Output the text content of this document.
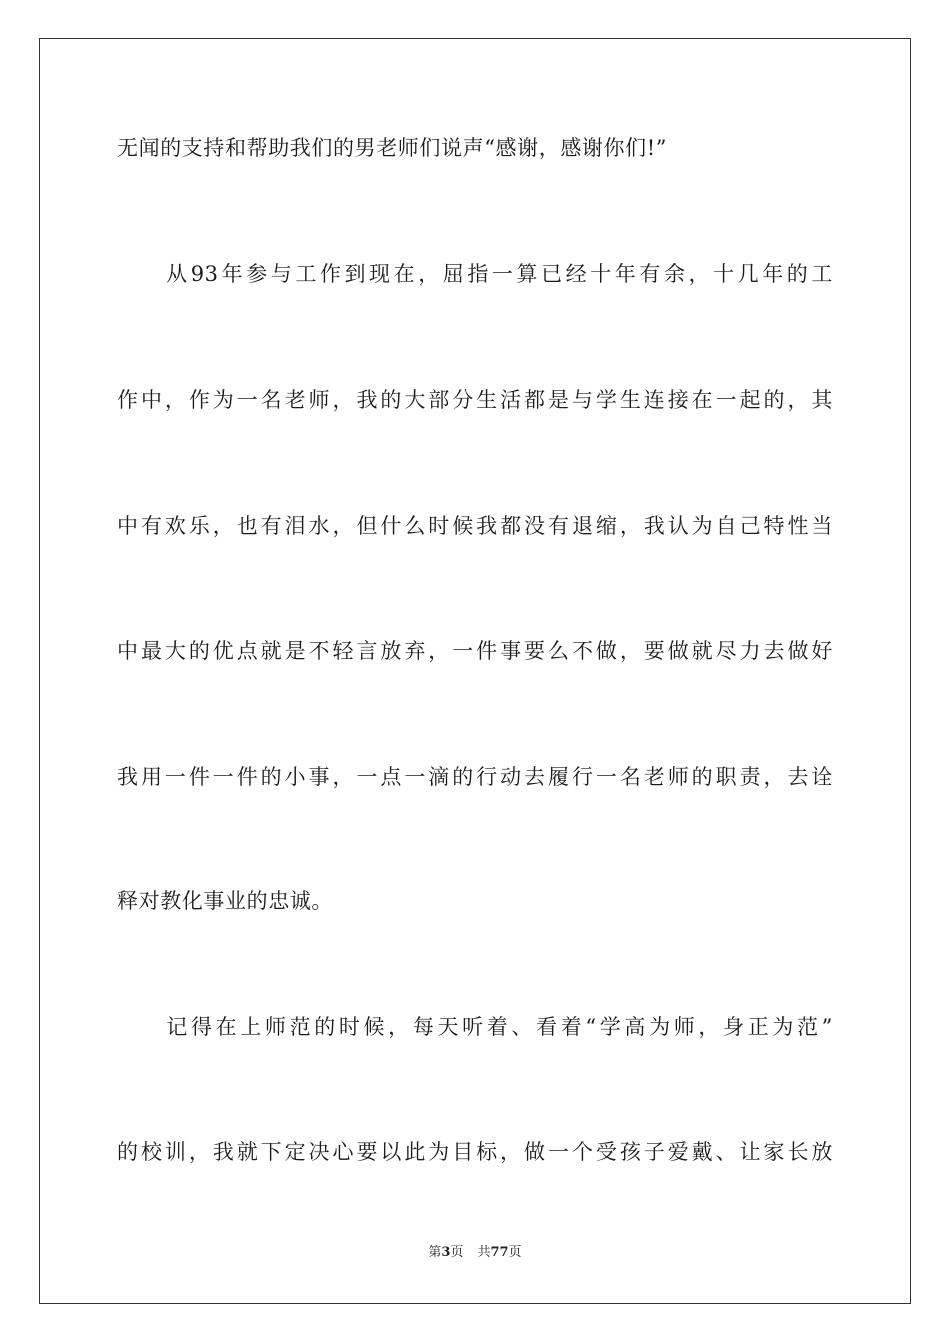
无闻的支持和帮助我们的男老师们说声“感谢，感谢你们!”
　　从93年参与工作到现在，屈指一算已经十年有余，十几年的工
作中，作为一名老师，我的大部分生活都是与学生连接在一起的，其
中有欢乐，也有泪水，但什么时候我都没有退缩，我认为自己特性当
中最大的优点就是不轻言放弃，一件事要么不做，要做就尽力去做好
我用一件一件的小事，一点一滴的行动去履行一名老师的职责，去诠
释对教化事业的忠诚。
　　记得在上师范的时候，每天听着、看着“学高为师，身正为范”
的校训，我就下定决心要以此为目标，做一个受孩子爱戴、让家长放
第3页 共77页
